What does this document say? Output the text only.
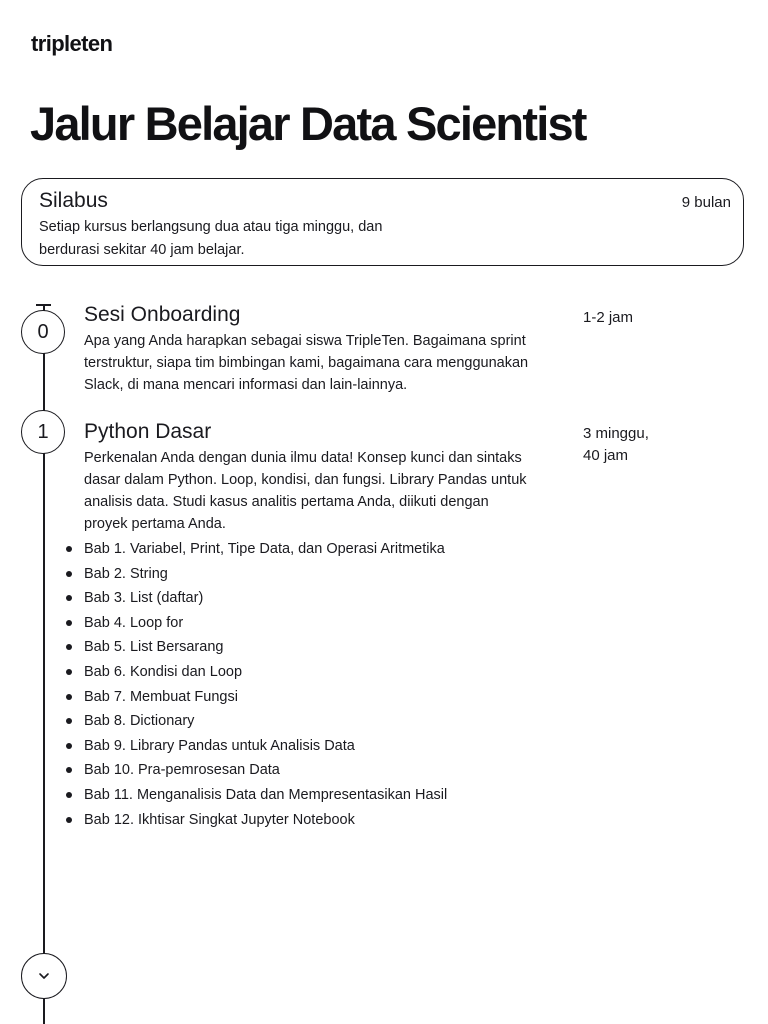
tripleten
Jalur Belajar Data Scientist
Silabus	9 bulan
Setiap kursus berlangsung dua atau tiga minggu, dan
berdurasi sekitar 40 jam belajar.
0
Sesi Onboarding	1-2 jam
Apa yang Anda harapkan sebagai siswa TripleTen. Bagaimana sprint
terstruktur, siapa tim bimbingan kami, bagaimana cara menggunakan
Slack, di mana mencari informasi dan lain-lainnya.
1	Python Dasar	3 minggu,
40 jam
Perkenalan Anda dengan dunia ilmu data! Konsep kunci dan sintaks
dasar dalam Python. Loop, kondisi, dan fungsi. Library Pandas untuk
analisis data. Studi kasus analitis pertama Anda, diikuti dengan
proyek pertama Anda.
Bab 1. Variabel, Print, Tipe Data, dan Operasi Aritmetika
Bab 2. String
Bab 3. List (daftar)
Bab 4. Loop for
Bab 5. List Bersarang
Bab 6. Kondisi dan Loop
Bab 7. Membuat Fungsi
Bab 8. Dictionary
Bab 9. Library Pandas untuk Analisis Data
Bab 10. Pra-pemrosesan Data
Bab 11. Menganalisis Data dan Mempresentasikan Hasil
Bab 12. Ikhtisar Singkat Jupyter Notebook
